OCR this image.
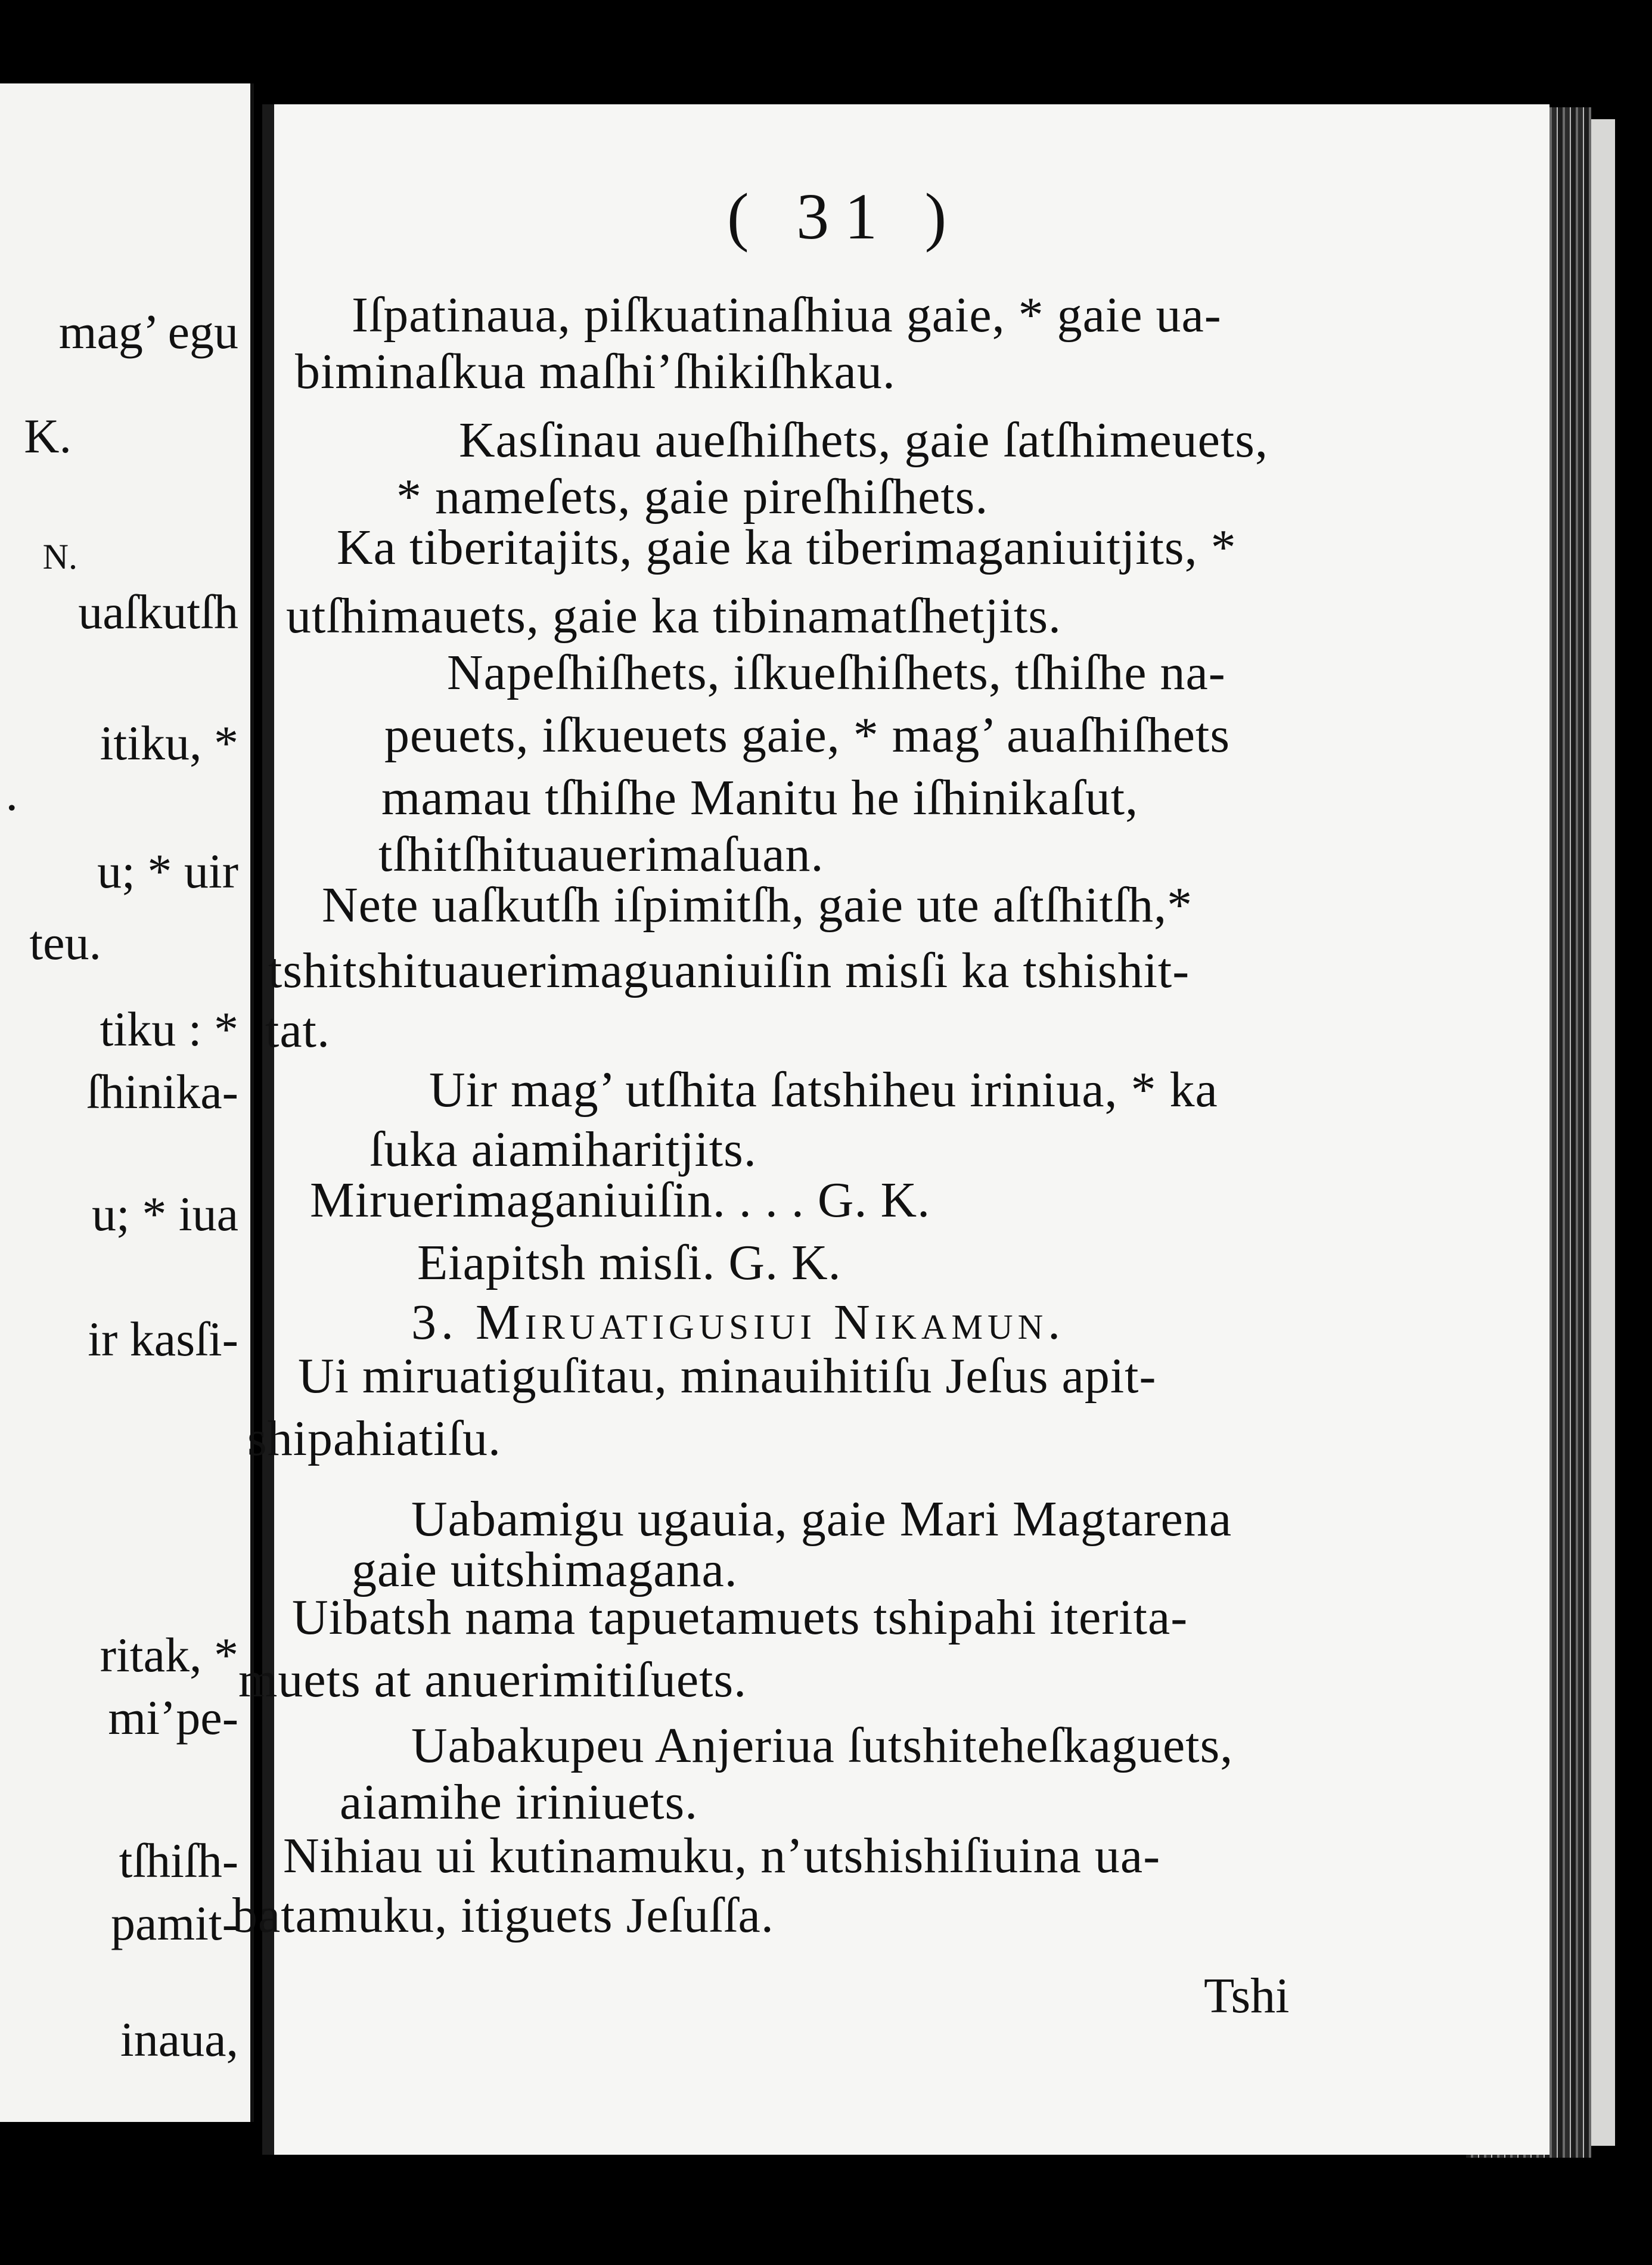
mag’ egu
K.
N.
uaſkutſh
itiku, *
.
u; * uir
teu.
tiku : *
ſhinika-
u; * iua
ir kasſi-
ritak, *
mi’pe-
tſhiſh-
pamit-
inaua,
( 31 )
Iſpatinaua, piſkuatinaſhiua gaie, * gaie ua-
biminaſkua maſhi’ſhikiſhkau.
Kasſinau aueſhiſhets, gaie ſatſhimeuets,
* nameſets, gaie pireſhiſhets.
Ka tiberitajits, gaie ka tiberimaganiuitjits, *
utſhimauets, gaie ka tibinamatſhetjits.
Napeſhiſhets, iſkueſhiſhets, tſhiſhe na-
peuets, iſkueuets gaie, * mag’ auaſhiſhets
mamau tſhiſhe Manitu he iſhinikaſut,
tſhitſhituauerimaſuan.
Nete uaſkutſh iſpimitſh, gaie ute aſtſhitſh,*
tshitshituauerimaguaniuiſin misſi ka tshishit-
tat.
Uir mag’ utſhita ſatshiheu iriniua, * ka
ſuka aiamiharitjits.
Miruerimaganiuiſin. . . . G. K.
Eiapitsh misſi. G. K.
3. Miruatigusiui Nikamun.
Ui miruatiguſitau, minauihitiſu Jeſus apit-
shipahiatiſu.
Uabamigu ugauia, gaie Mari Magtarena
gaie uitshimagana.
Uibatsh nama tapuetamuets tshipahi iterita-
muets at anuerimitiſuets.
Uabakupeu Anjeriua ſutshiteheſkaguets,
aiamihe iriniuets.
Nihiau ui kutinamuku, n’utshishiſiuina ua-
batamuku, itiguets Jeſuſſa.
Tshi
